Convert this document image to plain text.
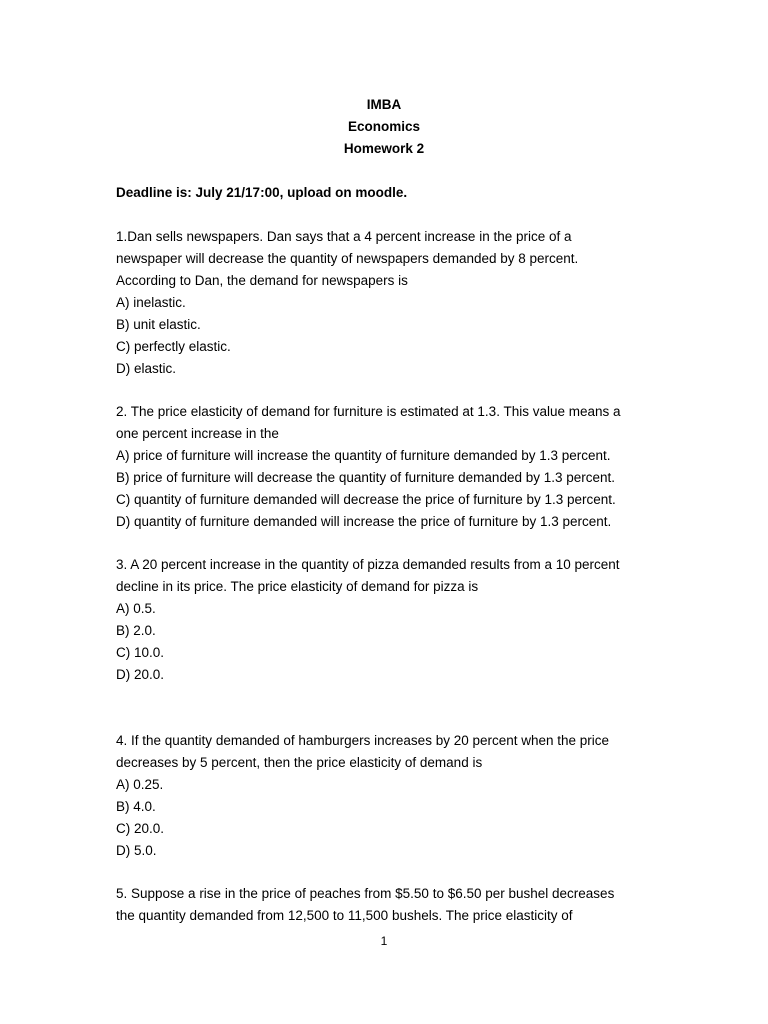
IMBA
Economics
Homework 2
Deadline is: July 21/17:00, upload on moodle.
1.Dan sells newspapers. Dan says that a 4 percent increase in the price of a
newspaper will decrease the quantity of newspapers demanded by 8 percent.
According to Dan, the demand for newspapers is
A) inelastic.
B) unit elastic.
C) perfectly elastic.
D) elastic.
2. The price elasticity of demand for furniture is estimated at 1.3. This value means a
one percent increase in the
A) price of furniture will increase the quantity of furniture demanded by 1.3 percent.
B) price of furniture will decrease the quantity of furniture demanded by 1.3 percent.
C) quantity of furniture demanded will decrease the price of furniture by 1.3 percent.
D) quantity of furniture demanded will increase the price of furniture by 1.3 percent.
3. A 20 percent increase in the quantity of pizza demanded results from a 10 percent
decline in its price. The price elasticity of demand for pizza is
A) 0.5.
B) 2.0.
C) 10.0.
D) 20.0.
4. If the quantity demanded of hamburgers increases by 20 percent when the price
decreases by 5 percent, then the price elasticity of demand is
A) 0.25.
B) 4.0.
C) 20.0.
D) 5.0.
5. Suppose a rise in the price of peaches from $5.50 to $6.50 per bushel decreases
the quantity demanded from 12,500 to 11,500 bushels. The price elasticity of
1
